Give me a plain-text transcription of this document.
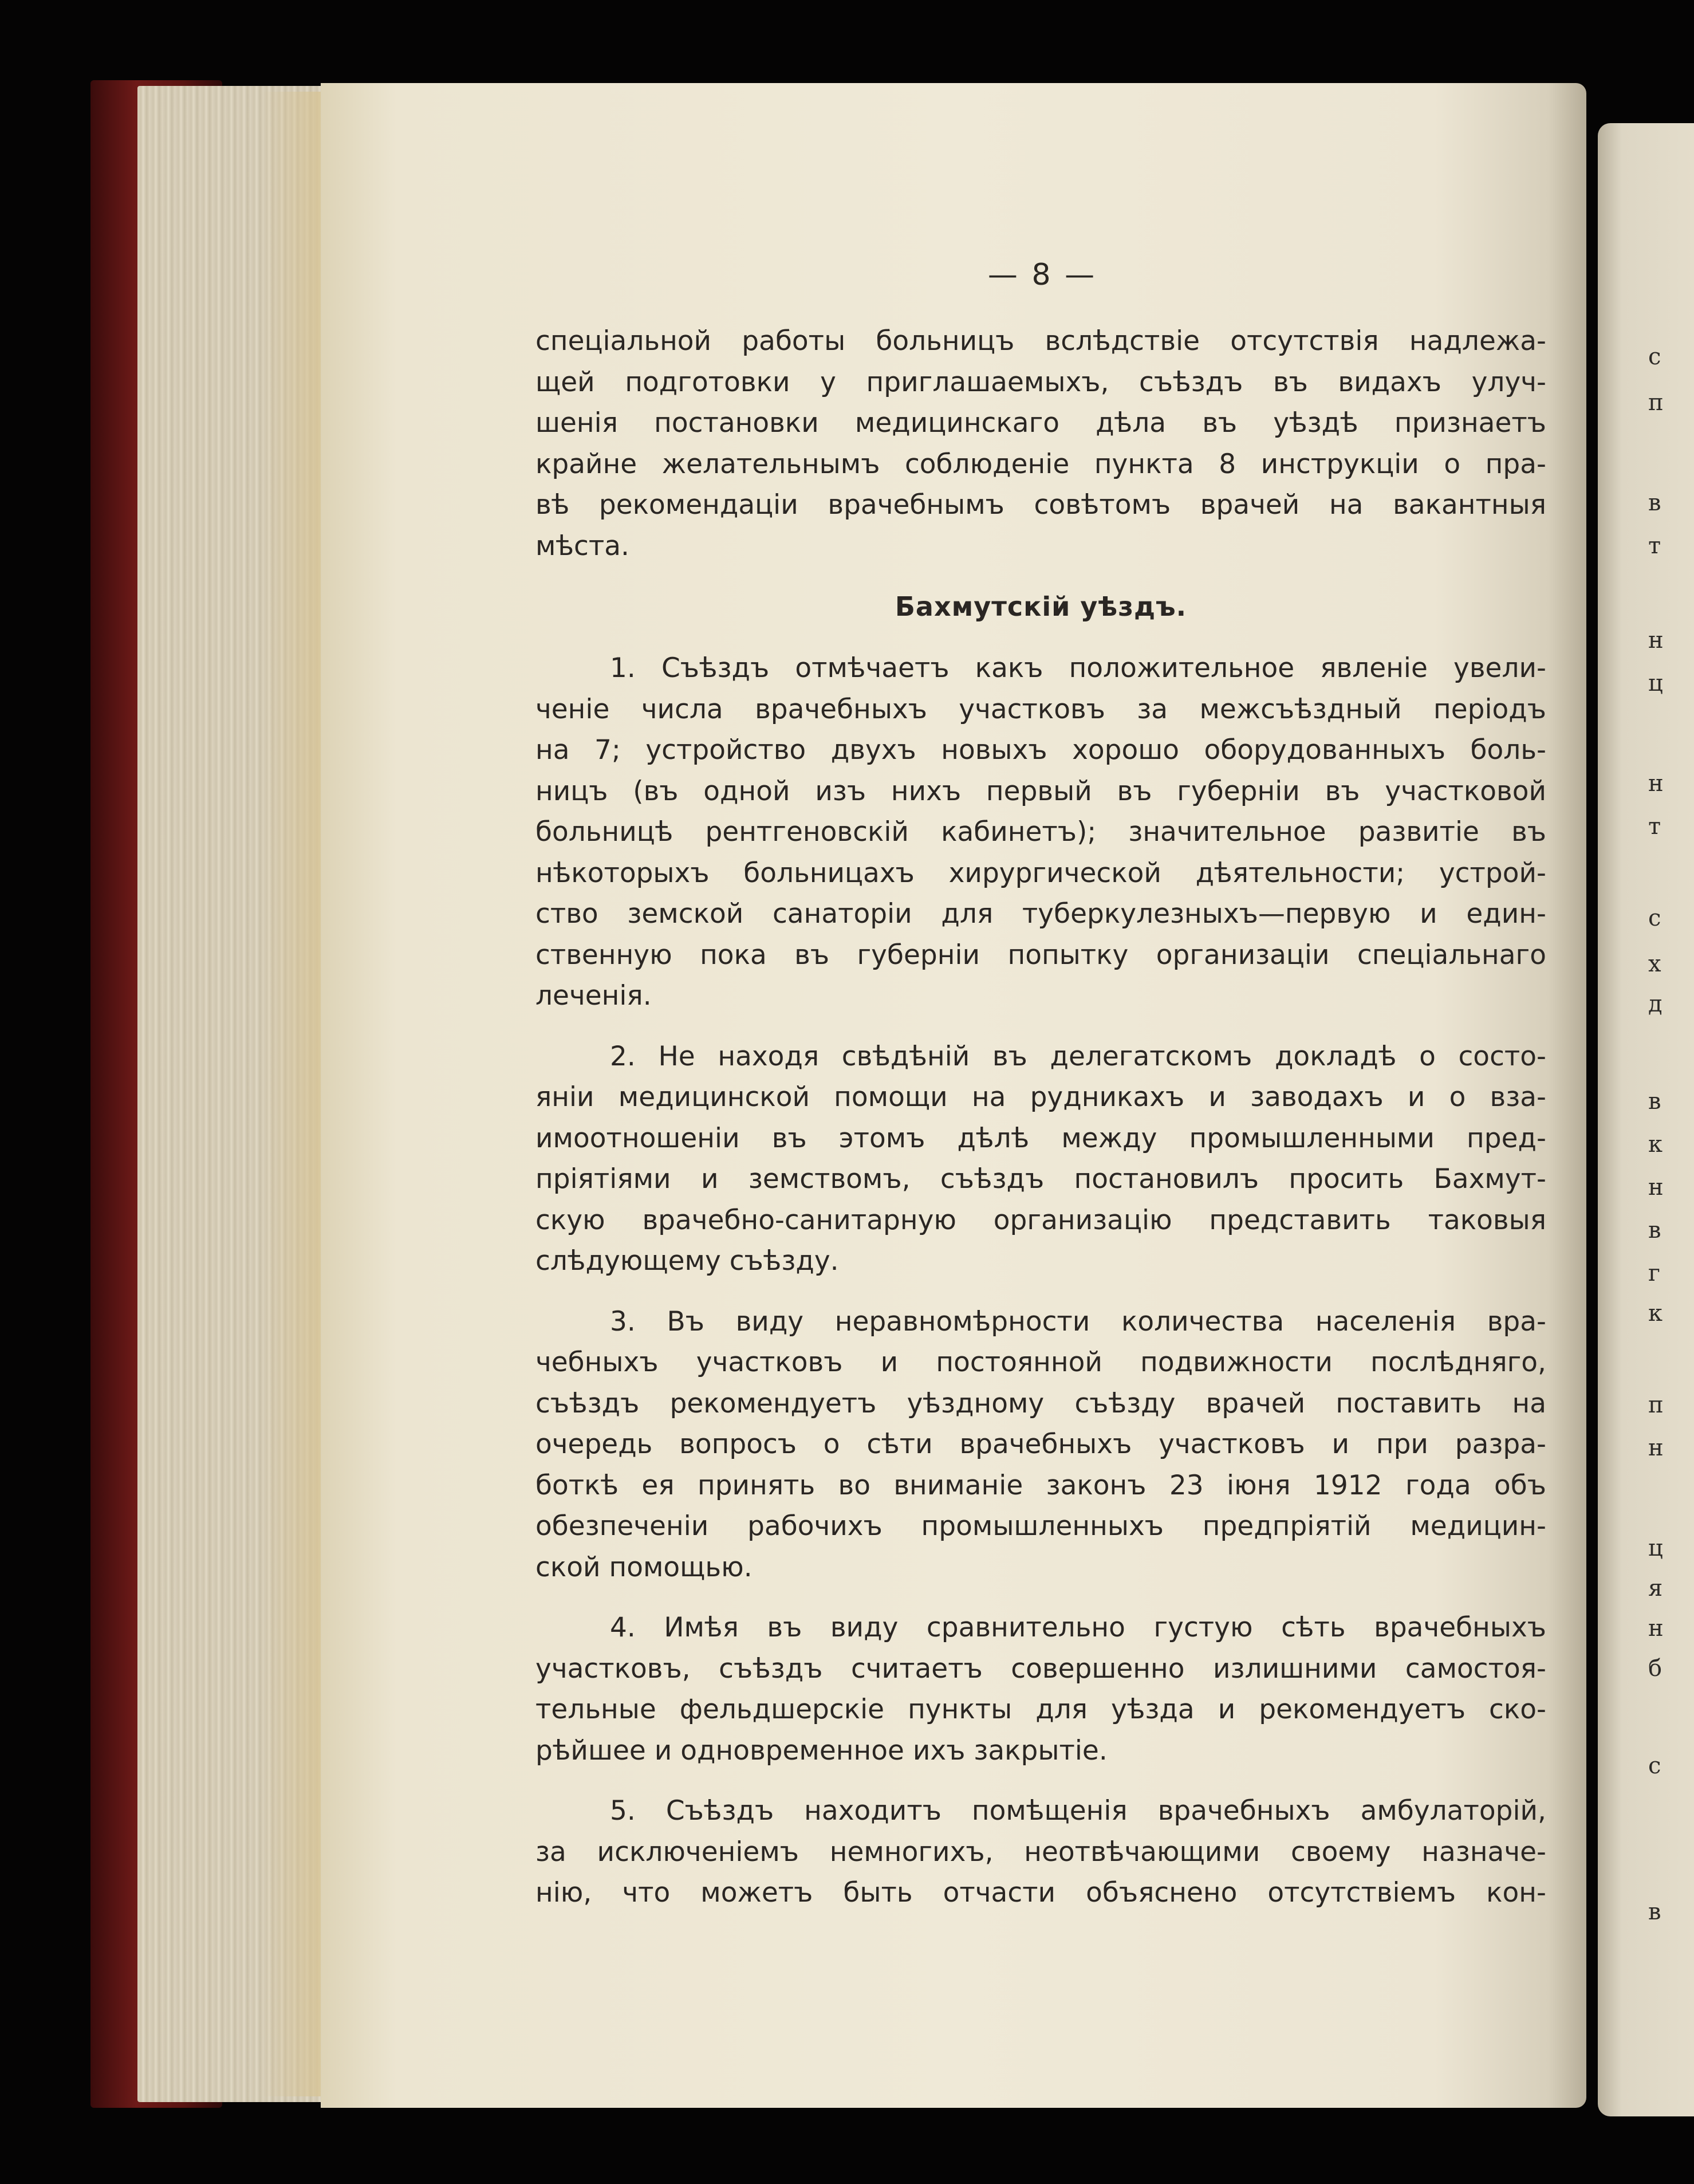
с
п
в
т
н
ц
н
т
с
х
д
в
к
н
в
г
к
п
н
ц
я
н
б
с
в
— 8 —
спеціальной работы больницъ вслѣдствіе отсутствія надлежа-
щей подготовки у приглашаемыхъ, съѣздъ въ видахъ улуч-
шенія постановки медицинскаго дѣла въ уѣздѣ признаетъ
крайне желательнымъ соблюденіе пункта 8 инструкціи о пра-
вѣ рекомендаціи врачебнымъ совѣтомъ врачей на вакантныя
мѣста.
Бахмутскій уѣздъ.
1. Съѣздъ отмѣчаетъ какъ положительное явленіе увели-
ченіе числа врачебныхъ участковъ за межсъѣздный періодъ
на 7; устройство двухъ новыхъ хорошо оборудованныхъ боль-
ницъ (въ одной изъ нихъ первый въ губерніи въ участковой
больницѣ рентгеновскій кабинетъ); значительное развитіе въ
нѣкоторыхъ больницахъ хирургической дѣятельности; устрой-
ство земской санаторіи для туберкулезныхъ—первую и един-
ственную пока въ губерніи попытку организаціи спеціальнаго
леченія.
2. Не находя свѣдѣній въ делегатскомъ докладѣ о состо-
яніи медицинской помощи на рудникахъ и заводахъ и о вза-
имоотношеніи въ этомъ дѣлѣ между промышленными пред-
пріятіями и земствомъ, съѣздъ постановилъ просить Бахмут-
скую врачебно-санитарную организацію представить таковыя
слѣдующему съѣзду.
3. Въ виду неравномѣрности количества населенія вра-
чебныхъ участковъ и постоянной подвижности послѣдняго,
съѣздъ рекомендуетъ уѣздному съѣзду врачей поставить на
очередь вопросъ о сѣти врачебныхъ участковъ и при разра-
боткѣ ея принять во вниманіе законъ 23 іюня 1912 года объ
обезпеченіи рабочихъ промышленныхъ предпріятій медицин-
ской помощью.
4. Имѣя въ виду сравнительно густую сѣть врачебныхъ
участковъ, съѣздъ считаетъ совершенно излишними самостоя-
тельные фельдшерскіе пункты для уѣзда и рекомендуетъ ско-
рѣйшее и одновременное ихъ закрытіе.
5. Съѣздъ находитъ помѣщенія врачебныхъ амбулаторій,
за исключеніемъ немногихъ, неотвѣчающими своему назначе-
нію, что можетъ быть отчасти объяснено отсутствіемъ кон-
